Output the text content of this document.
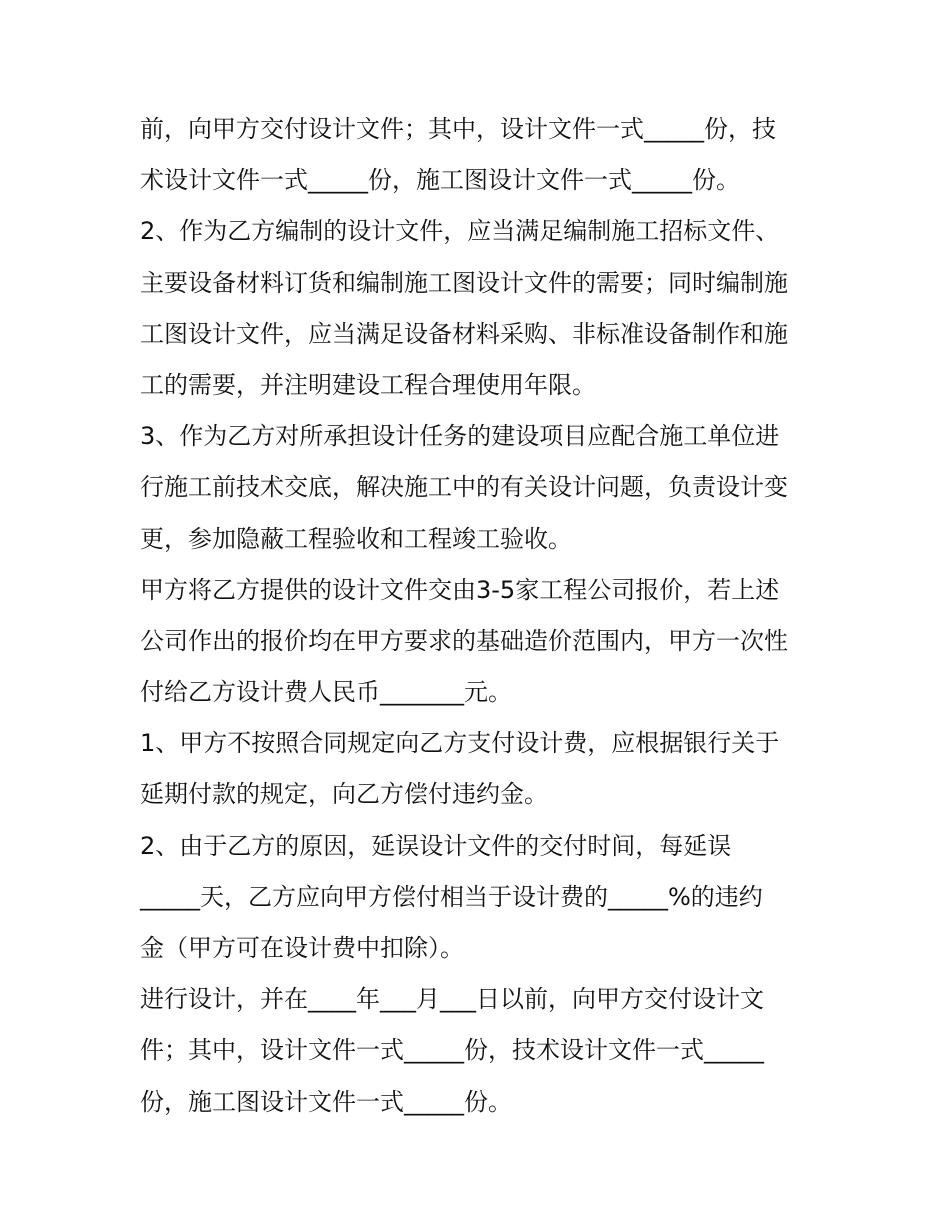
前，向甲方交付设计文件；其中，设计文件一式_____份，技
术设计文件一式_____份，施工图设计文件一式_____份。
2、作为乙方编制的设计文件，应当满足编制施工招标文件、
主要设备材料订货和编制施工图设计文件的需要；同时编制施
工图设计文件，应当满足设备材料采购、非标准设备制作和施
工的需要，并注明建设工程合理使用年限。
3、作为乙方对所承担设计任务的建设项目应配合施工单位进
行施工前技术交底，解决施工中的有关设计问题，负责设计变
更，参加隐蔽工程验收和工程竣工验收。
甲方将乙方提供的设计文件交由3-5家工程公司报价，若上述
公司作出的报价均在甲方要求的基础造价范围内，甲方一次性
付给乙方设计费人民币_______元。
1、甲方不按照合同规定向乙方支付设计费，应根据银行关于
延期付款的规定，向乙方偿付违约金。
2、由于乙方的原因，延误设计文件的交付时间，每延误
_____天，乙方应向甲方偿付相当于设计费的_____%的违约
金（甲方可在设计费中扣除）。
进行设计，并在____年___月___日以前，向甲方交付设计文
件；其中，设计文件一式_____份，技术设计文件一式_____
份，施工图设计文件一式_____份。
